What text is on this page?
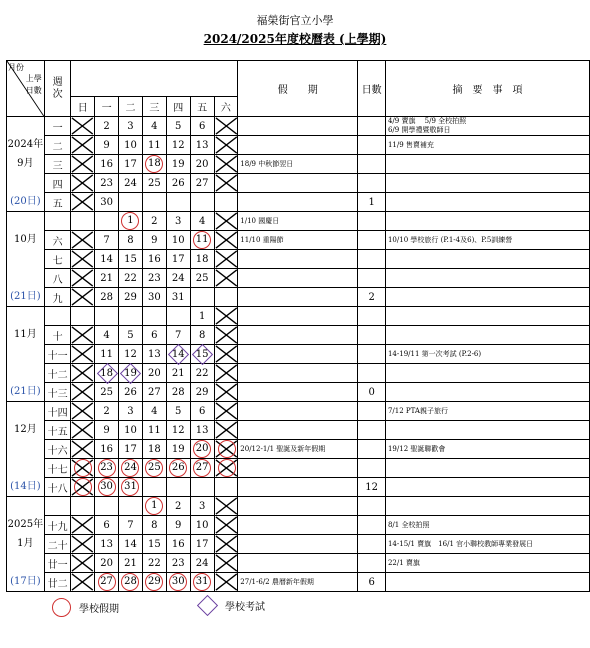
福榮街官立小學
2024/2025年度校曆表 (上學期)
月份
上學
日數	週次								假　　期	日數	摘　要　事　項
		日	一	二	三	四	五	六			
	一		2	3	4	5	6				4/9 賣旗　 5/9 全校拍照
6/9 開學禮暨敬師日
2024年	二		9	10	11	12	13				11/9 售賣補充
9月	三		16	17	18	19	20		18/9 中秋節翌日		
	四		23	24	25	26	27	

(20日)	五		30							1	
				1	2	3	4		1/10 國慶日		
10月	六		7	8	9	10	11		11/10 重陽節		10/10 學校旅行 (P.1-4及6)、P.5訓練營
	七		14	15	16	17	18	

	八		21	22	23	24	25	

(21日)	九		28	29	30	31				2	
							1	

11月	十		4	5	6	7	8	

	十一		11	12	13	14	15				14-19/11 第一次考試 (P.2-6)
	十二		18	19	20	21	22	

(21日)	十三		25	26	27	28	29			0	
	十四		2	3	4	5	6				7/12 PTA親子旅行
12月	十五		9	10	11	12	13	

	十六		16	17	18	19	20		20/12-1/1 聖誕及新年假期		19/12 聖誕聯歡會
	十七		23	24	25	26	27	

(14日)	十八		30	31						12	
					1	2	3	

2025年	十九		6	7	8	9	10				8/1 全校拍照
1月	二十		13	14	15	16	17				14-15/1 賣旗　16/1 官小聯校教師專業發展日
	廿一		20	21	22	23	24				22/1 賣旗
(17日)	廿二		27	28	29	30	31		27/1-6/2 農曆新年假期	6	
學校假期	學校考試
